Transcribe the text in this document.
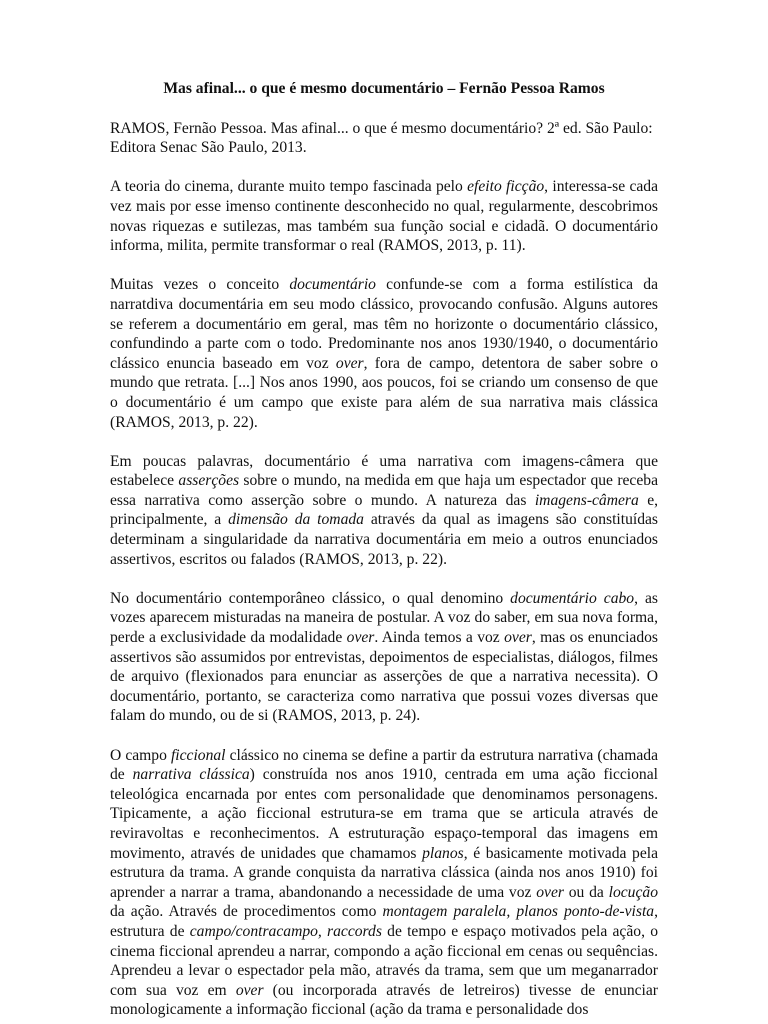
Mas afinal... o que é mesmo documentário – Fernão Pessoa Ramos

RAMOS, Fernão Pessoa. Mas afinal... o que é mesmo documentário? 2ª ed. São Paulo: Editora Senac São Paulo, 2013.

A teoria do cinema, durante muito tempo fascinada pelo efeito ficção, interessa-se cada vez mais por esse imenso continente desconhecido no qual, regularmente, descobrimos novas riquezas e sutilezas, mas também sua função social e cidadã. O documentário informa, milita, permite transformar o real (RAMOS, 2013, p. 11).

Muitas vezes o conceito documentário confunde-se com a forma estilística da narratdiva documentária em seu modo clássico, provocando confusão. Alguns autores se referem a documentário em geral, mas têm no horizonte o documentário clássico, confundindo a parte com o todo. Predominante nos anos 1930/1940, o documentário clássico enuncia baseado em voz over, fora de campo, detentora de saber sobre o mundo que retrata. [...] Nos anos 1990, aos poucos, foi se criando um consenso de que o documentário é um campo que existe para além de sua narrativa mais clássica (RAMOS, 2013, p. 22).

Em poucas palavras, documentário é uma narrativa com imagens-câmera que estabelece asserções sobre o mundo, na medida em que haja um espectador que receba essa narrativa como asserção sobre o mundo. A natureza das imagens-câmera e, principalmente, a dimensão da tomada através da qual as imagens são constituídas determinam a singularidade da narrativa documentária em meio a outros enunciados assertivos, escritos ou falados (RAMOS, 2013, p. 22).

No documentário contemporâneo clássico, o qual denomino documentário cabo, as vozes aparecem misturadas na maneira de postular. A voz do saber, em sua nova forma, perde a exclusividade da modalidade over. Ainda temos a voz over, mas os enunciados assertivos são assumidos por entrevistas, depoimentos de especialistas, diálogos, filmes de arquivo (flexionados para enunciar as asserções de que a narrativa necessita). O documentário, portanto, se caracteriza como narrativa que possui vozes diversas que falam do mundo, ou de si (RAMOS, 2013, p. 24).

O campo ficcional clássico no cinema se define a partir da estrutura narrativa (chamada de narrativa clássica) construída nos anos 1910, centrada em uma ação ficcional teleológica encarnada por entes com personalidade que denominamos personagens. Tipicamente, a ação ficcional estrutura-se em trama que se articula através de reviravoltas e reconhecimentos. A estruturação espaço-temporal das imagens em movimento, através de unidades que chamamos planos, é basicamente motivada pela estrutura da trama. A grande conquista da narrativa clássica (ainda nos anos 1910) foi aprender a narrar a trama, abandonando a necessidade de uma voz over ou da locução da ação. Através de procedimentos como montagem paralela, planos ponto-de-vista, estrutura de campo/contracampo, raccords de tempo e espaço motivados pela ação, o cinema ficcional aprendeu a narrar, compondo a ação ficcional em cenas ou sequências. Aprendeu a levar o espectador pela mão, através da trama, sem que um meganarrador com sua voz em over (ou incorporada através de letreiros) tivesse de enunciar monologicamente a informação ficcional (ação da trama e personalidade dos
